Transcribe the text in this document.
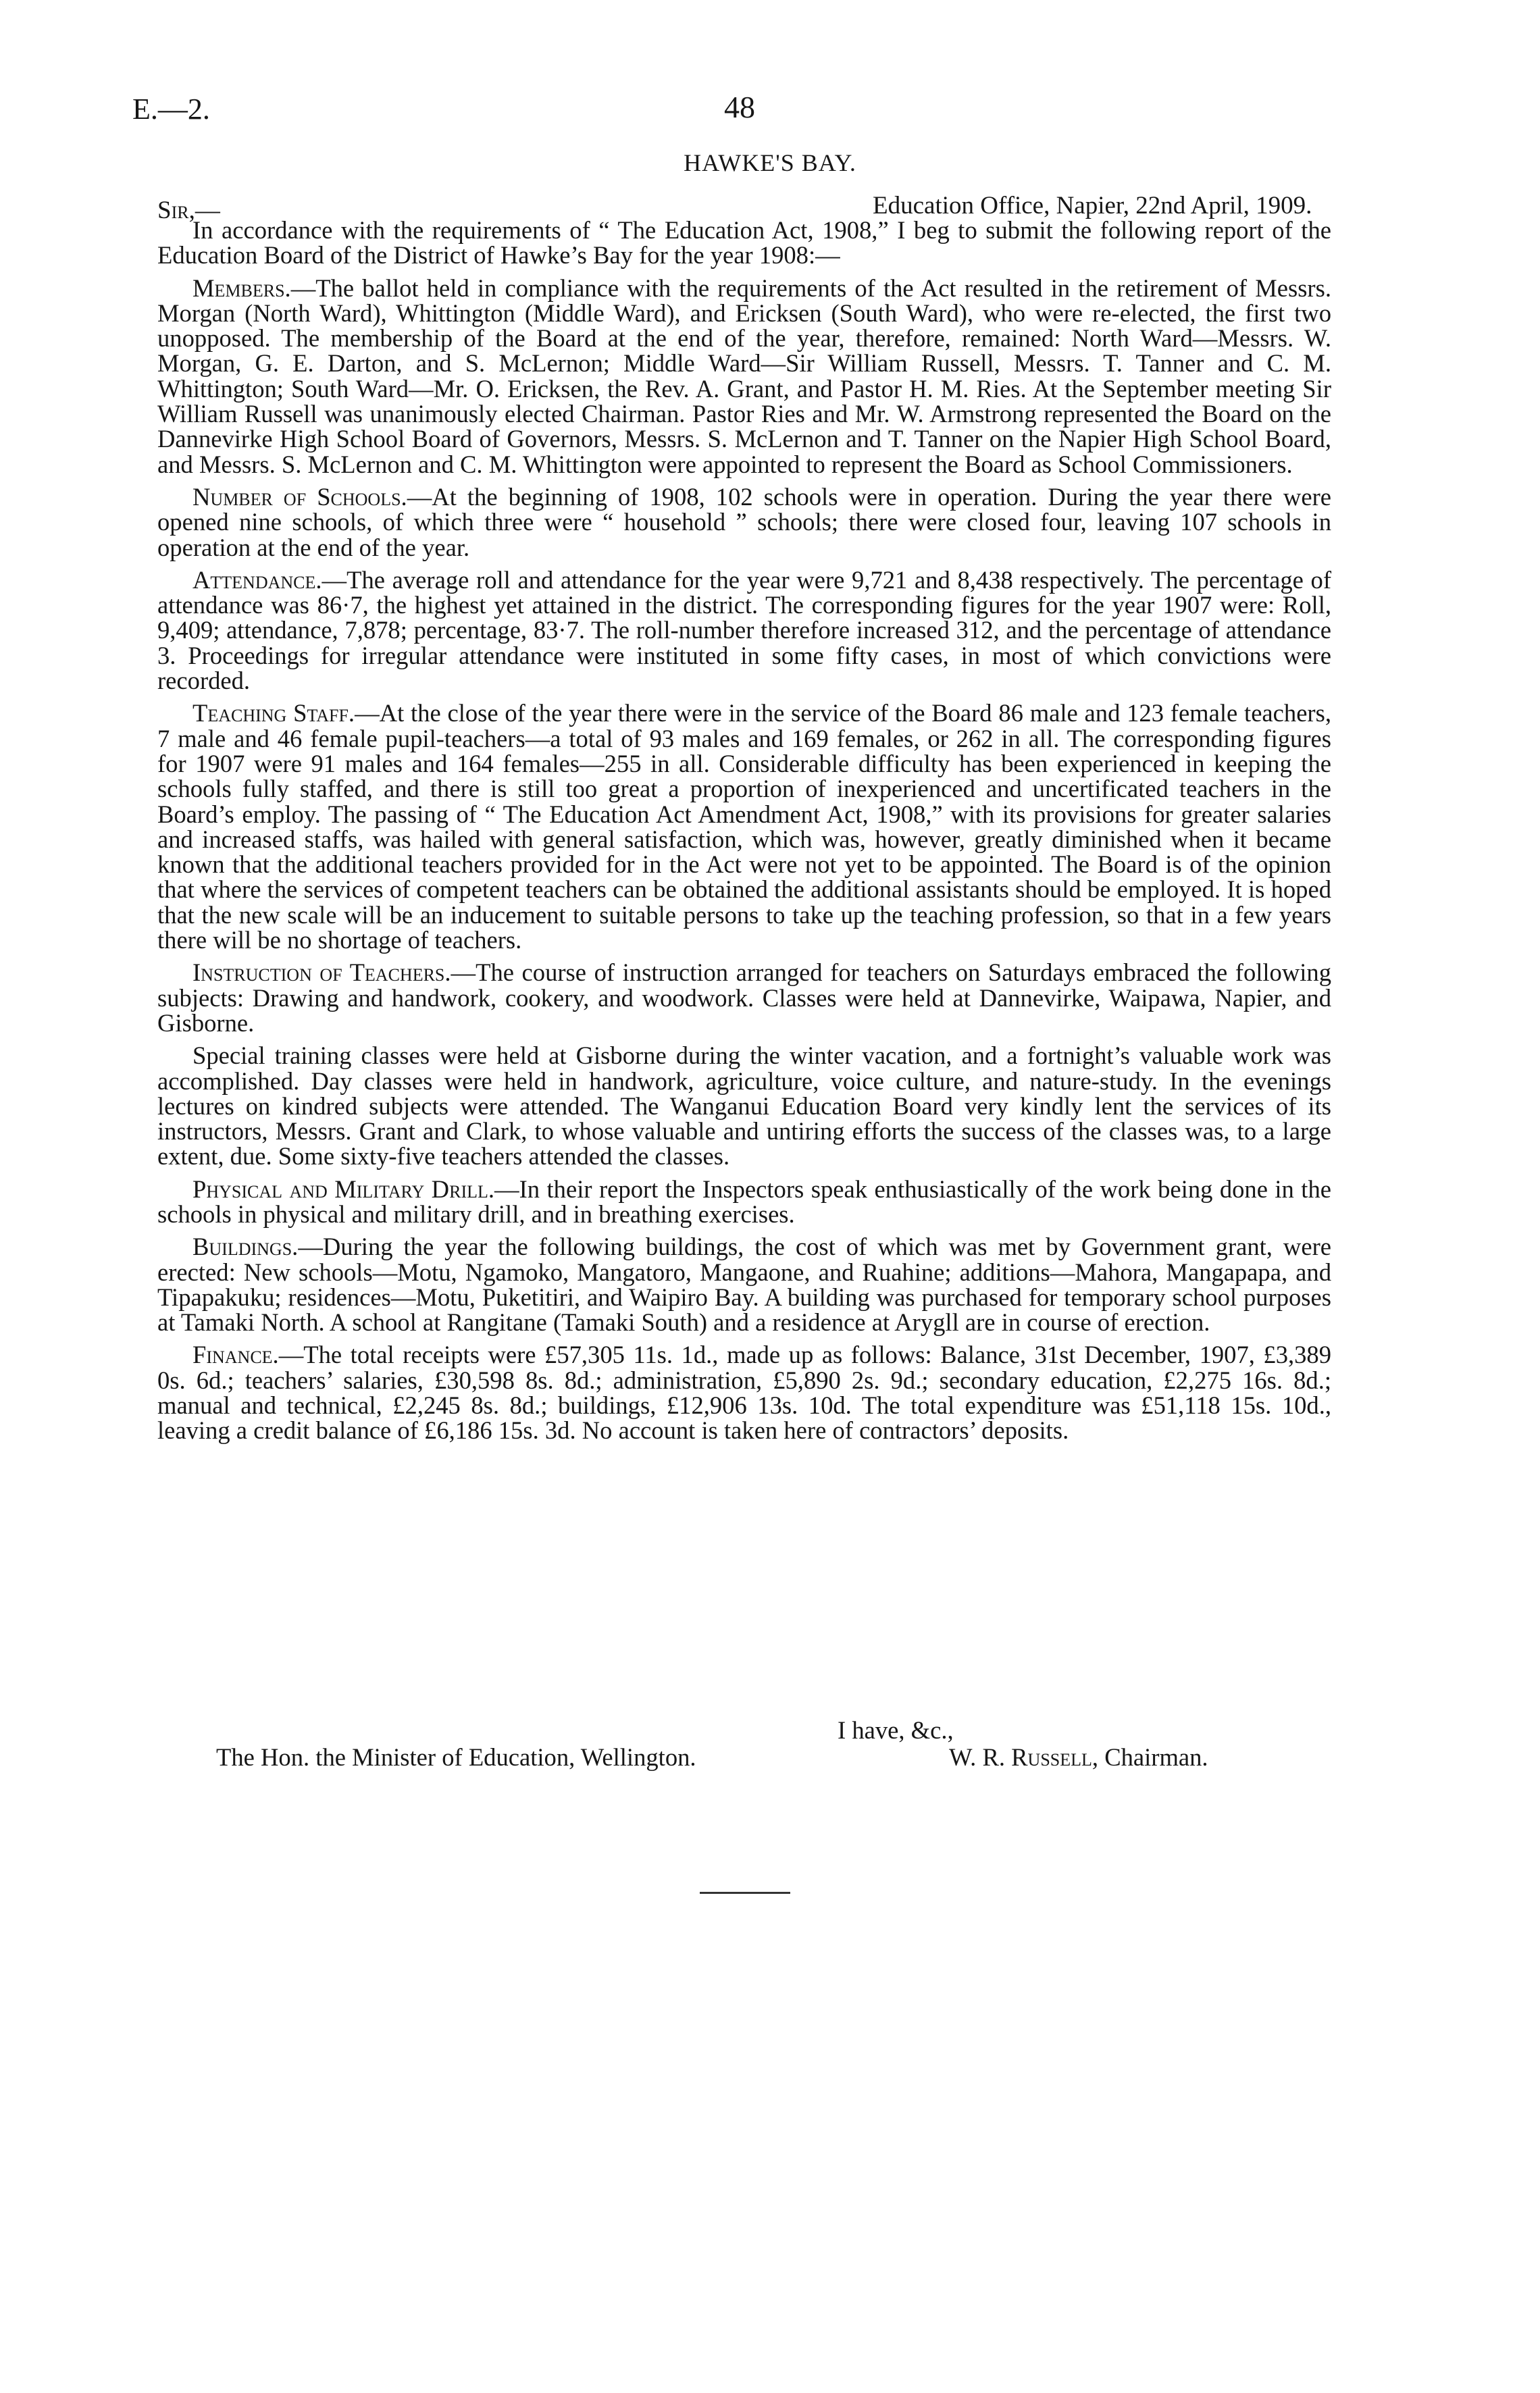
E.—2.	48
HAWKE'S BAY.
Sir,—	Education Office, Napier, 22nd April, 1909.

In accordance with the requirements of “ The Education Act, 1908,” I beg to submit the following report of the Education Board of the District of Hawke’s Bay for the year 1908:—

Members.—The ballot held in compliance with the requirements of the Act resulted in the retirement of Messrs. Morgan (North Ward), Whittington (Middle Ward), and Ericksen (South Ward), who were re-elected, the first two unopposed. The membership of the Board at the end of the year, therefore, remained: North Ward—Messrs. W. Morgan, G. E. Darton, and S. McLernon; Middle Ward—Sir William Russell, Messrs. T. Tanner and C. M. Whittington; South Ward—Mr. O. Ericksen, the Rev. A. Grant, and Pastor H. M. Ries. At the September meeting Sir William Russell was unanimously elected Chairman. Pastor Ries and Mr. W. Armstrong represented the Board on the Dannevirke High School Board of Governors, Messrs. S. McLernon and T. Tanner on the Napier High School Board, and Messrs. S. McLernon and C. M. Whittington were appointed to represent the Board as School Commissioners.

Number of Schools.—At the beginning of 1908, 102 schools were in operation. During the year there were opened nine schools, of which three were “ household ” schools; there were closed four, leaving 107 schools in operation at the end of the year.

Attendance.—The average roll and attendance for the year were 9,721 and 8,438 respectively. The percentage of attendance was 86·7, the highest yet attained in the district. The corresponding figures for the year 1907 were: Roll, 9,409; attendance, 7,878; percentage, 83·7. The roll-number therefore increased 312, and the percentage of attendance 3. Proceedings for irregular attendance were instituted in some fifty cases, in most of which convictions were recorded.

Teaching Staff.—At the close of the year there were in the service of the Board 86 male and 123 female teachers, 7 male and 46 female pupil-teachers—a total of 93 males and 169 females, or 262 in all. The corresponding figures for 1907 were 91 males and 164 females—255 in all. Considerable difficulty has been experienced in keeping the schools fully staffed, and there is still too great a proportion of inexperienced and uncertificated teachers in the Board’s employ. The passing of “ The Education Act Amendment Act, 1908,” with its provisions for greater salaries and increased staffs, was hailed with general satisfaction, which was, however, greatly diminished when it became known that the additional teachers provided for in the Act were not yet to be appointed. The Board is of the opinion that where the services of competent teachers can be obtained the additional assistants should be employed. It is hoped that the new scale will be an inducement to suitable persons to take up the teaching profession, so that in a few years there will be no shortage of teachers.

Instruction of Teachers.—The course of instruction arranged for teachers on Saturdays embraced the following subjects: Drawing and handwork, cookery, and woodwork. Classes were held at Dannevirke, Waipawa, Napier, and Gisborne.

Special training classes were held at Gisborne during the winter vacation, and a fortnight’s valuable work was accomplished. Day classes were held in handwork, agriculture, voice culture, and nature-study. In the evenings lectures on kindred subjects were attended. The Wanganui Education Board very kindly lent the services of its instructors, Messrs. Grant and Clark, to whose valuable and untiring efforts the success of the classes was, to a large extent, due. Some sixty-five teachers attended the classes.

Physical and Military Drill.—In their report the Inspectors speak enthusiastically of the work being done in the schools in physical and military drill, and in breathing exercises.

Buildings.—During the year the following buildings, the cost of which was met by Government grant, were erected: New schools—Motu, Ngamoko, Mangatoro, Mangaone, and Ruahine; additions—Mahora, Mangapapa, and Tipapakuku; residences—Motu, Puketitiri, and Waipiro Bay. A building was purchased for temporary school purposes at Tamaki North. A school at Rangitane (Tamaki South) and a residence at Arygll are in course of erection.

Finance.—The total receipts were £57,305 11s. 1d., made up as follows: Balance, 31st December, 1907, £3,389 0s. 6d.; teachers’ salaries, £30,598 8s. 8d.; administration, £5,890 2s. 9d.; secondary education, £2,275 16s. 8d.; manual and technical, £2,245 8s. 8d.; buildings, £12,906 13s. 10d. The total expenditure was £51,118 15s. 10d., leaving a credit balance of £6,186 15s. 3d. No account is taken here of contractors’ deposits.

I have, &c.,
The Hon. the Minister of Education, Wellington.	W. R. Russell, Chairman.
